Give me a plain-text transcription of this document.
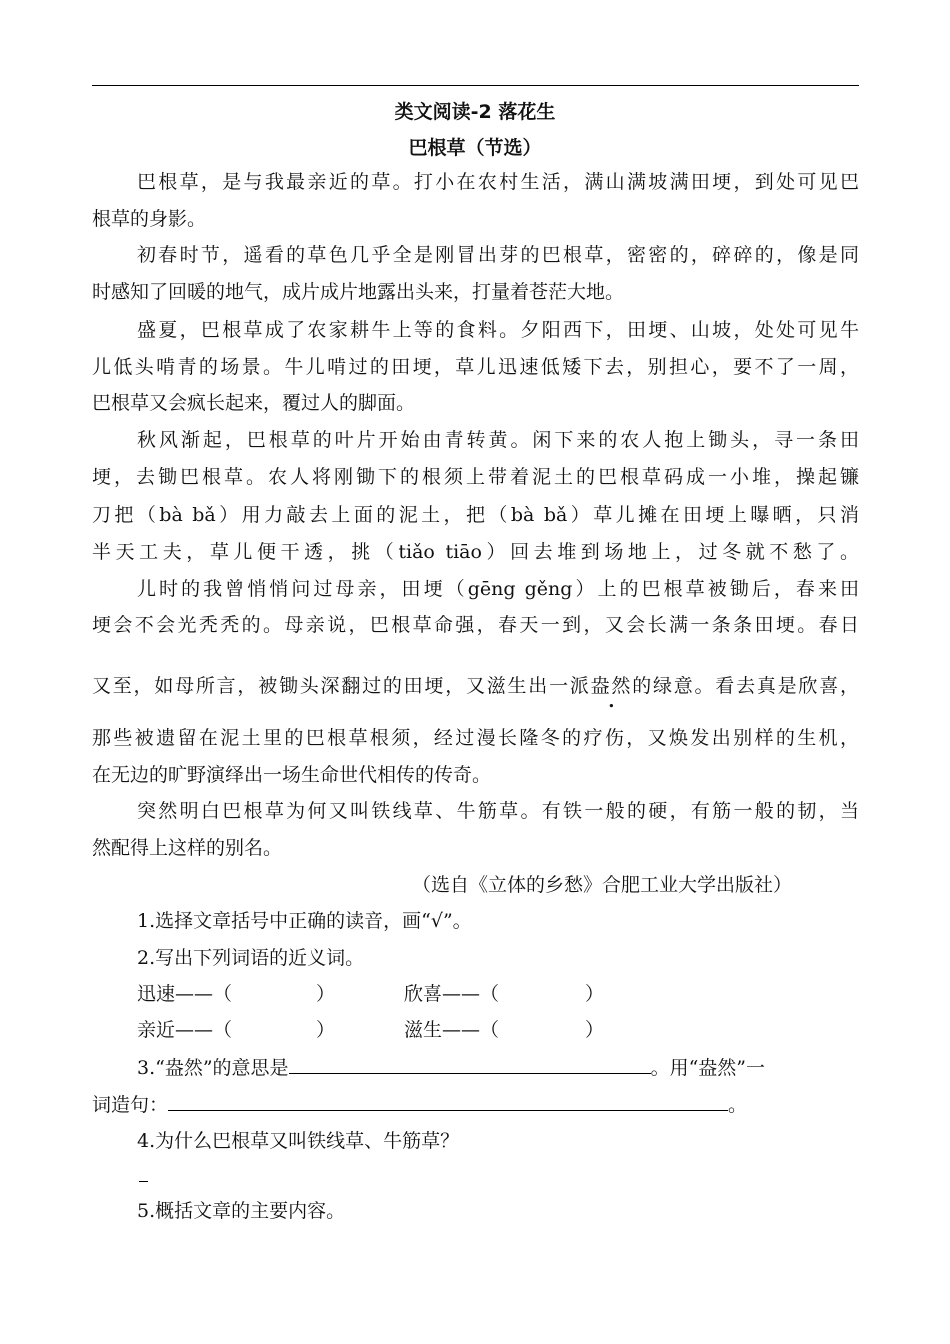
类文阅读-2 落花生
巴根草（节选）
巴根草，是与我最亲近的草。打小在农村生活，满山满坡满田埂，到处可见巴
根草的身影。
初春时节，遥看的草色几乎全是刚冒出芽的巴根草，密密的，碎碎的，像是同
时感知了回暖的地气，成片成片地露出头来，打量着苍茫大地。
盛夏，巴根草成了农家耕牛上等的食料。夕阳西下，田埂、山坡，处处可见牛
儿低头啃青的场景。牛儿啃过的田埂，草儿迅速低矮下去，别担心，要不了一周，
巴根草又会疯长起来，覆过人的脚面。
秋风渐起，巴根草的叶片开始由青转黄。闲下来的农人抱上锄头，寻一条田
埂，去锄巴根草。农人将刚锄下的根须上带着泥土的巴根草码成一小堆，操起镰
刀把（bà bǎ）用力敲去上面的泥土，把（bà bǎ）草儿摊在田埂上曝晒，只消
半天工夫，草儿便干透，挑（tiǎo tiāo）回去堆到场地上，过冬就不愁了。
儿时的我曾悄悄问过母亲，田埂（gēng gěng）上的巴根草被锄后，春来田
埂会不会光秃秃的。母亲说，巴根草命强，春天一到，又会长满一条条田埂。春日
又至，如母所言，被锄头深翻过的田埂，又滋生出一派盎然的绿意。看去真是欣喜，
那些被遗留在泥土里的巴根草根须，经过漫长隆冬的疗伤，又焕发出别样的生机，
在无边的旷野演绎出一场生命世代相传的传奇。
突然明白巴根草为何又叫铁线草、牛筋草。有铁一般的硬，有筋一般的韧，当
然配得上这样的别名。
（选自《立体的乡愁》合肥工业大学出版社）
1.选择文章括号中正确的读音，画“√”。
2.写出下列词语的近义词。
迅速——（	）	欣喜——（	）
亲近——（	）	滋生——（	）
3.“盎然”的意思是	。用“盎然”一
词造句：	。
4.为什么巴根草又叫铁线草、牛筋草？
5.概括文章的主要内容。
